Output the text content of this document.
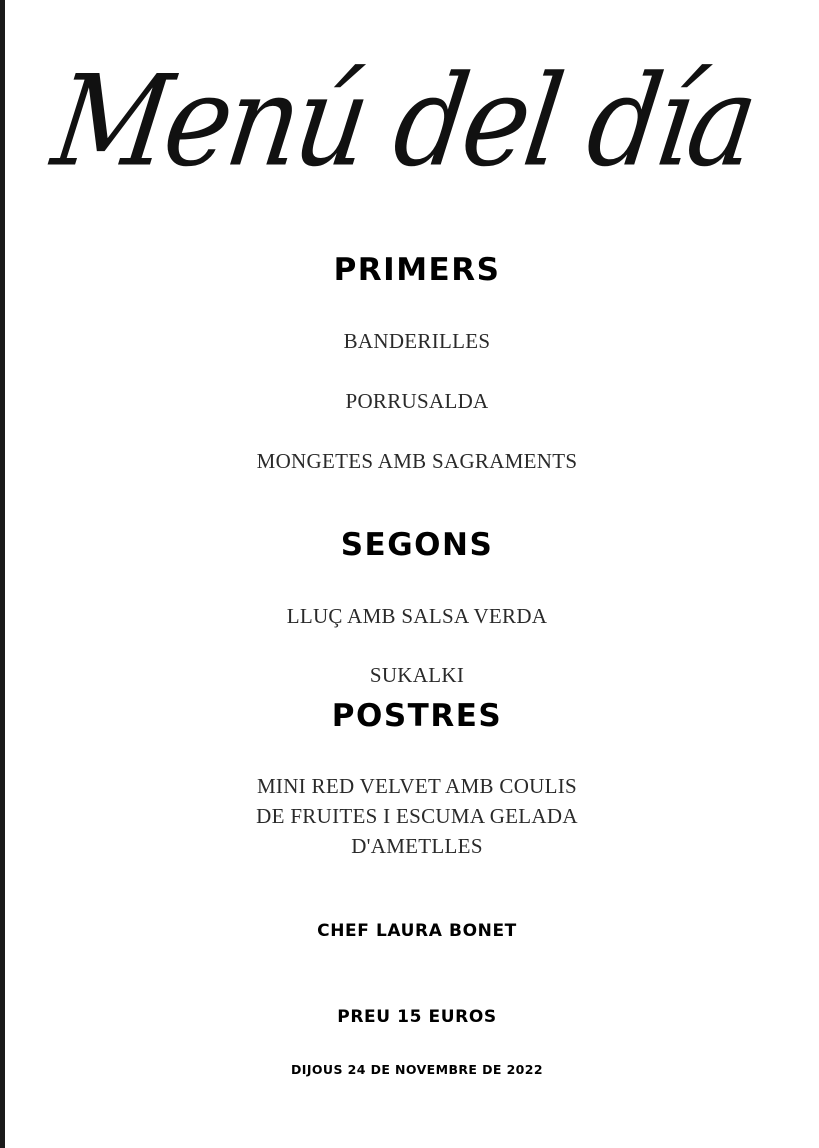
Menú del día
PRIMERS

BANDERILLES

PORRUSALDA

MONGETES AMB SAGRAMENTS

SEGONS

LLUÇ AMB SALSA VERDA

SUKALKI

POSTRES

MINI RED VELVET AMB COULIS

DE FRUITES I ESCUMA GELADA

D'AMETLLES

CHEF LAURA BONET

PREU 15 EUROS

DIJOUS 24 DE NOVEMBRE DE 2022
